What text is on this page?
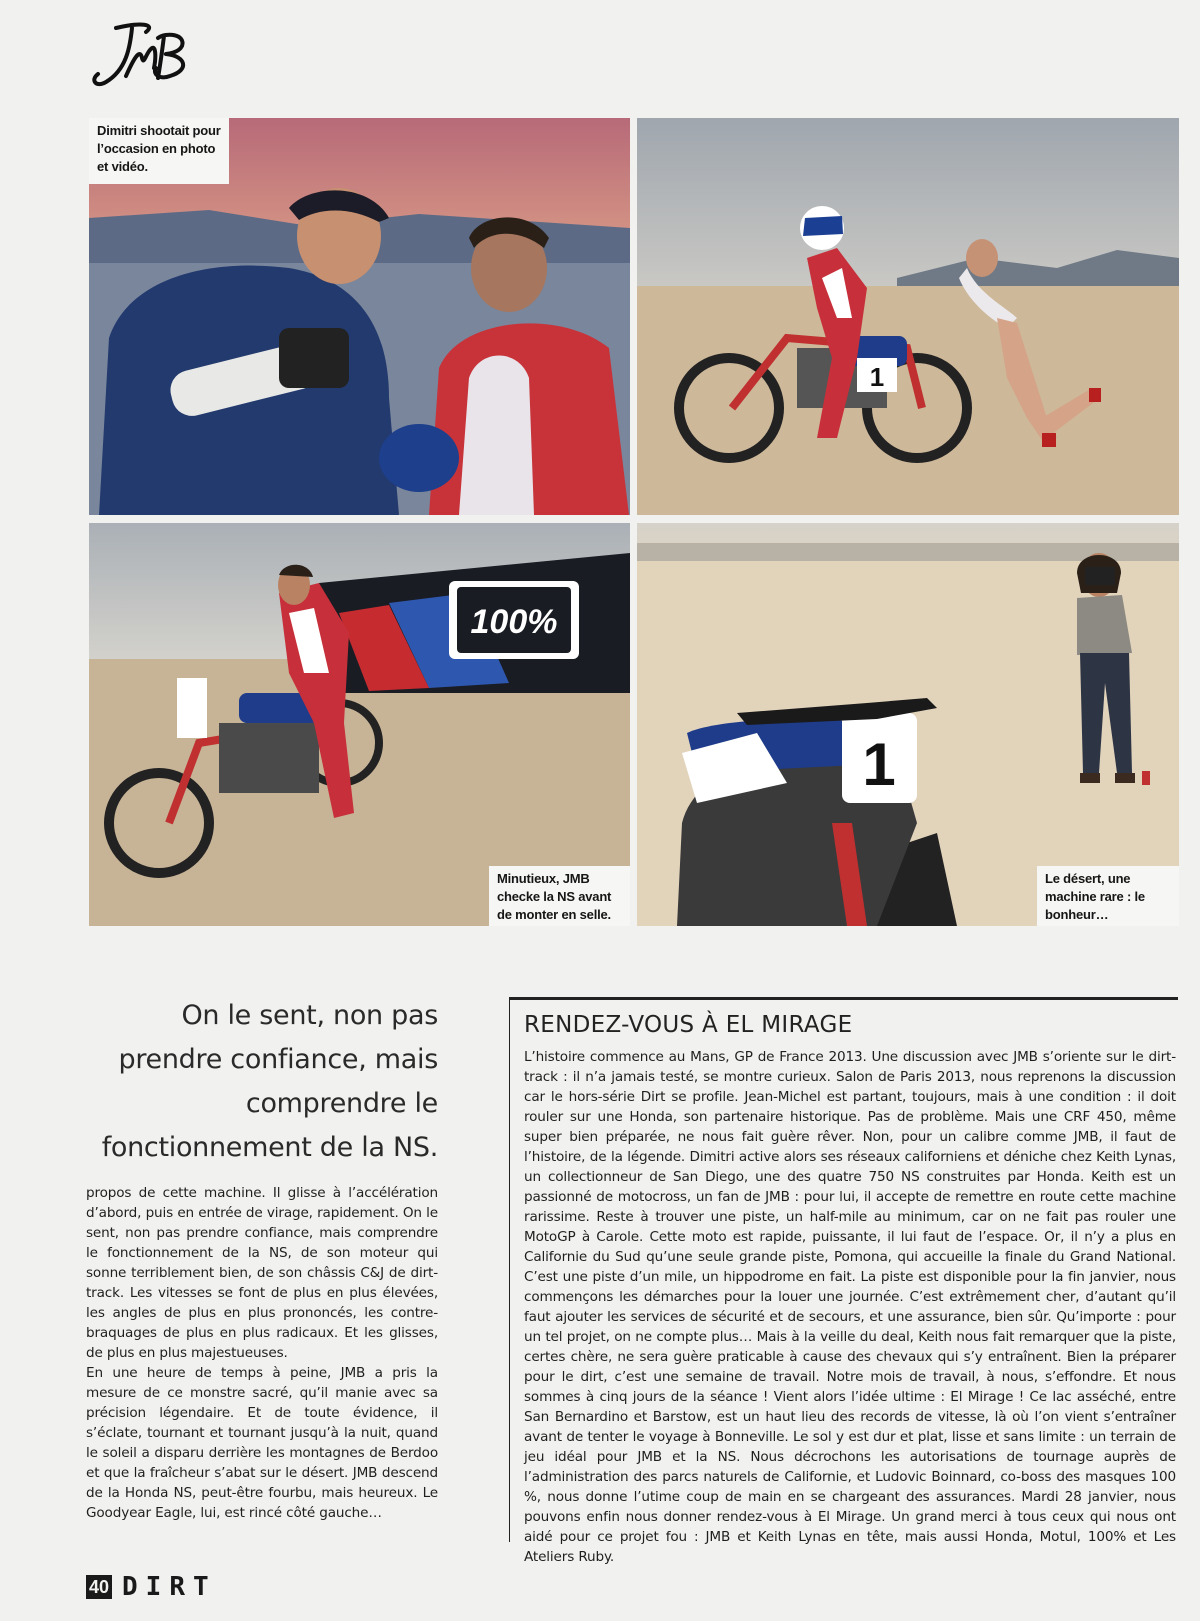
Dimitri shootait pour l’occasion en photo et vidéo.
1
100%
Minutieux, JMB checke la NS avant de monter en selle.
1
Le désert, une machine rare : le bonheur…
On le sent, non pas prendre confiance, mais comprendre le fonctionnement de la NS.

propos de cette machine. Il glisse à l’accélération d’abord, puis en entrée de virage, rapidement. On le sent, non pas prendre confiance, mais comprendre le fonctionnement de la NS, de son moteur qui sonne terriblement bien, de son châssis C&J de dirt-track. Les vitesses se font de plus en plus élevées, les angles de plus en plus prononcés, les contre-braquages de plus en plus radicaux. Et les glisses, de plus en plus majestueuses.

En une heure de temps à peine, JMB a pris la mesure de ce monstre sacré, qu’il manie avec sa précision légendaire. Et de toute évidence, il s’éclate, tournant et tournant jusqu’à la nuit, quand le soleil a disparu derrière les montagnes de Berdoo et que la fraîcheur s’abat sur le désert. JMB descend de la Honda NS, peut-être fourbu, mais heureux. Le Goodyear Eagle, lui, est rincé côté gauche…

RENDEZ-VOUS À EL MIRAGE
L’histoire commence au Mans, GP de France 2013. Une discussion avec JMB s’oriente sur le dirt-track : il n’a jamais testé, se montre curieux. Salon de Paris 2013, nous reprenons la discussion car le hors-série Dirt se profile. Jean-Michel est partant, toujours, mais à une condition : il doit rouler sur une Honda, son partenaire historique. Pas de problème. Mais une CRF 450, même super bien préparée, ne nous fait guère rêver. Non, pour un calibre comme JMB, il faut de l’histoire, de la légende. Dimitri active alors ses réseaux californiens et déniche chez Keith Lynas, un collectionneur de San Diego, une des quatre 750 NS construites par Honda. Keith est un passionné de motocross, un fan de JMB : pour lui, il accepte de remettre en route cette machine rarissime. Reste à trouver une piste, un half-mile au minimum, car on ne fait pas rouler une MotoGP à Carole. Cette moto est rapide, puissante, il lui faut de l’espace. Or, il n’y a plus en Californie du Sud qu’une seule grande piste, Pomona, qui accueille la finale du Grand National. C’est une piste d’un mile, un hippodrome en fait. La piste est disponible pour la fin janvier, nous commençons les démarches pour la louer une journée. C’est extrêmement cher, d’autant qu’il faut ajouter les services de sécurité et de secours, et une assurance, bien sûr. Qu’importe : pour un tel projet, on ne compte plus… Mais à la veille du deal, Keith nous fait remarquer que la piste, certes chère, ne sera guère praticable à cause des chevaux qui s’y entraînent. Bien la préparer pour le dirt, c’est une semaine de travail. Notre mois de travail, à nous, s’effondre. Et nous sommes à cinq jours de la séance ! Vient alors l’idée ultime : El Mirage ! Ce lac asséché, entre San Bernardino et Barstow, est un haut lieu des records de vitesse, là où l’on vient s’entraîner avant de tenter le voyage à Bonneville. Le sol y est dur et plat, lisse et sans limite : un terrain de jeu idéal pour JMB et la NS. Nous décrochons les autorisations de tournage auprès de l’administration des parcs naturels de Californie, et Ludovic Boinnard, co-boss des masques 100 %, nous donne l’utime coup de main en se chargeant des assurances. Mardi 28 janvier, nous pouvons enfin nous donner rendez-vous à El Mirage. Un grand merci à tous ceux qui nous ont aidé pour ce projet fou : JMB et Keith Lynas en tête, mais aussi Honda, Motul, 100% et Les Ateliers Ruby.
40 DIRT
